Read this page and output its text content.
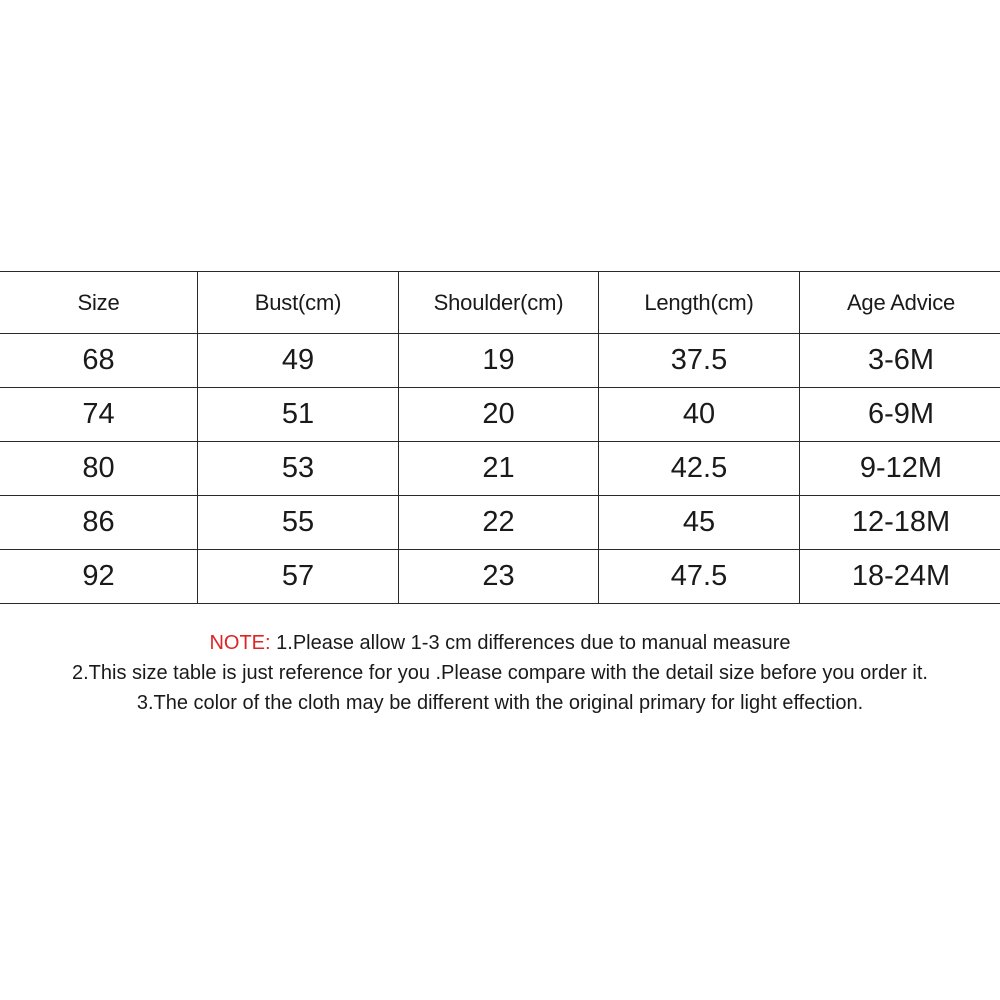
Size	Bust(cm)	Shoulder(cm)	Length(cm)	Age Advice
68	49	19	37.5	3-6M
74	51	20	40	6-9M
80	53	21	42.5	9-12M
86	55	22	45	12-18M
92	57	23	47.5	18-24M
NOTE: 1.Please allow 1-3 cm differences due to manual measure
2.This size table is just reference for you .Please compare with the detail size before you order it.
3.The color of the cloth may be different with the original primary for light effection.
